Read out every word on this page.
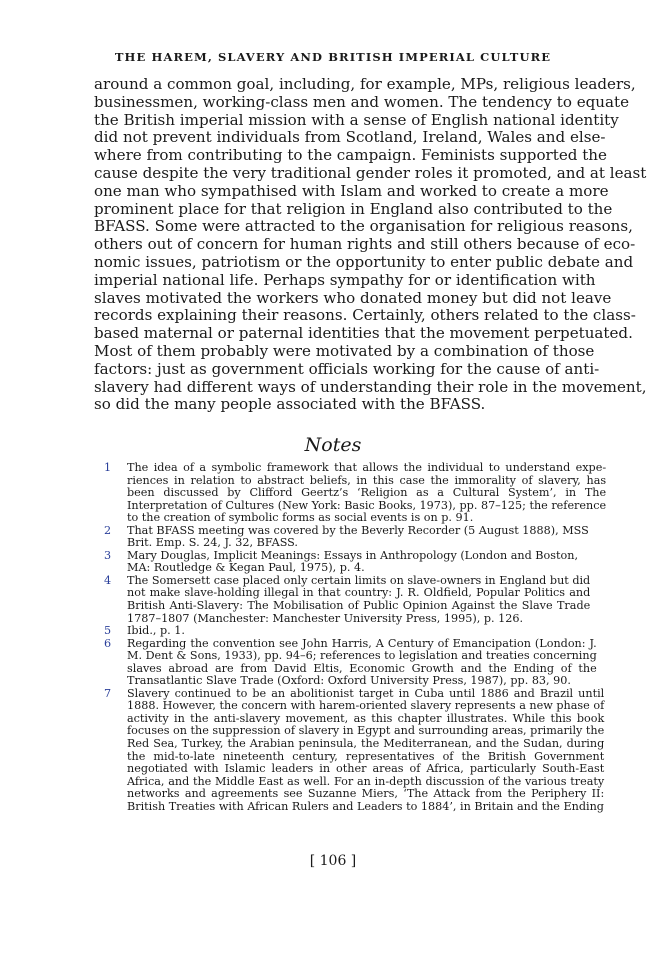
THE HAREM, SLAVERY AND BRITISH IMPERIAL CULTURE
around a common goal, including, for example, MPs, religious leaders,
businessmen, working-class men and women. The tendency to equate
the British imperial mission with a sense of English national identity
did not prevent individuals from Scotland, Ireland, Wales and else-
where from contributing to the campaign. Feminists supported the
cause despite the very traditional gender roles it promoted, and at least
one man who sympathised with Islam and worked to create a more
prominent place for that religion in England also contributed to the
BFASS. Some were attracted to the organisation for religious reasons,
others out of concern for human rights and still others because of eco-
nomic issues, patriotism or the opportunity to enter public debate and
imperial national life. Perhaps sympathy for or identification with
slaves motivated the workers who donated money but did not leave
records explaining their reasons. Certainly, others related to the class-
based maternal or paternal identities that the movement perpetuated.
Most of them probably were motivated by a combination of those
factors: just as government officials working for the cause of anti-
slavery had different ways of understanding their role in the movement,
so did the many people associated with the BFASS.
Notes
1	The idea of a symbolic framework that allows the individual to understand expe-
riences in relation to abstract beliefs, in this case the immorality of slavery, has
been discussed by Clifford Geertz’s ‘Religion as a Cultural System’, in The
Interpretation of Cultures (New York: Basic Books, 1973), pp. 87–125; the reference
to the creation of symbolic forms as social events is on p. 91.
2	That BFASS meeting was covered by the Beverly Recorder (5 August 1888), MSS
Brit. Emp. S. 24, J. 32, BFASS.
3	Mary Douglas, Implicit Meanings: Essays in Anthropology (London and Boston,
MA: Routledge & Kegan Paul, 1975), p. 4.
4	The Somersett case placed only certain limits on slave-owners in England but did
not make slave-holding illegal in that country: J. R. Oldfield, Popular Politics and
British Anti-Slavery: The Mobilisation of Public Opinion Against the Slave Trade
1787–1807 (Manchester: Manchester University Press, 1995), p. 126.
5	Ibid., p. 1.
6	Regarding the convention see John Harris, A Century of Emancipation (London: J.
M. Dent & Sons, 1933), pp. 94–6; references to legislation and treaties concerning
slaves abroad are from David Eltis, Economic Growth and the Ending of the
Transatlantic Slave Trade (Oxford: Oxford University Press, 1987), pp. 83, 90.
7	Slavery continued to be an abolitionist target in Cuba until 1886 and Brazil until
1888. However, the concern with harem-oriented slavery represents a new phase of
activity in the anti-slavery movement, as this chapter illustrates. While this book
focuses on the suppression of slavery in Egypt and surrounding areas, primarily the
Red Sea, Turkey, the Arabian peninsula, the Mediterranean, and the Sudan, during
the mid-to-late nineteenth century, representatives of the British Government
negotiated with Islamic leaders in other areas of Africa, particularly South-East
Africa, and the Middle East as well. For an in-depth discussion of the various treaty
networks and agreements see Suzanne Miers, ‘The Attack from the Periphery II:
British Treaties with African Rulers and Leaders to 1884’, in Britain and the Ending
[ 106 ]
